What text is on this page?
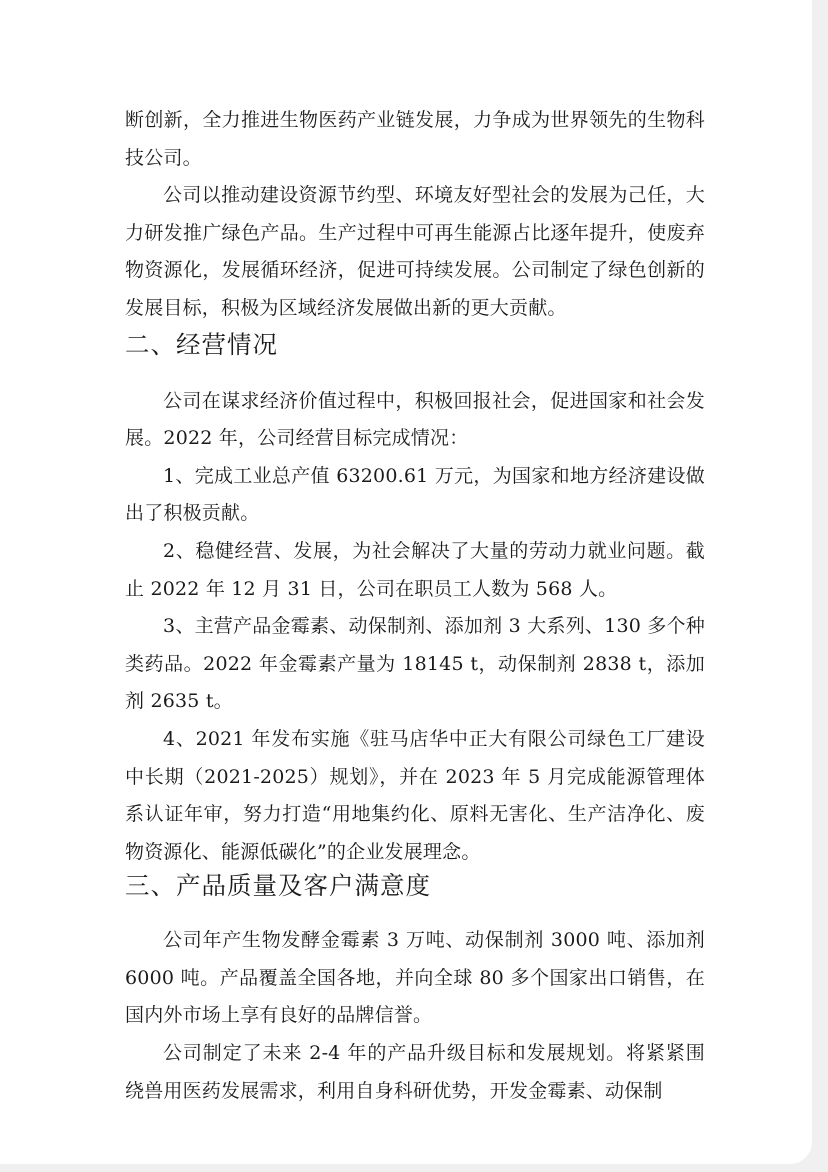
断创新，全力推进生物医药产业链发展，力争成为世界领先的生物科技公司。

公司以推动建设资源节约型、环境友好型社会的发展为己任，大力研发推广绿色产品。生产过程中可再生能源占比逐年提升，使废弃物资源化，发展循环经济，促进可持续发展。公司制定了绿色创新的发展目标，积极为区域经济发展做出新的更大贡献。

二、经营情况

公司在谋求经济价值过程中，积极回报社会，促进国家和社会发展。2022 年，公司经营目标完成情况：

1、完成工业总产值 63200.61 万元，为国家和地方经济建设做出了积极贡献。

2、稳健经营、发展，为社会解决了大量的劳动力就业问题。截止 2022 年 12 月 31 日，公司在职员工人数为 568 人。

3、主营产品金霉素、动保制剂、添加剂 3 大系列、130 多个种类药品。2022 年金霉素产量为 18145 t，动保制剂 2838 t，添加剂 2635 t。

4、2021 年发布实施《驻马店华中正大有限公司绿色工厂建设中长期（2021-2025）规划》，并在 2023 年 5 月完成能源管理体系认证年审，努力打造“用地集约化、原料无害化、生产洁净化、废物资源化、能源低碳化”的企业发展理念。

三、产品质量及客户满意度

公司年产生物发酵金霉素 3 万吨、动保制剂 3000 吨、添加剂 6000 吨。产品覆盖全国各地，并向全球 80 多个国家出口销售，在国内外市场上享有良好的品牌信誉。

公司制定了未来 2-4 年的产品升级目标和发展规划。将紧紧围绕兽用医药发展需求，利用自身科研优势，开发金霉素、动保制
